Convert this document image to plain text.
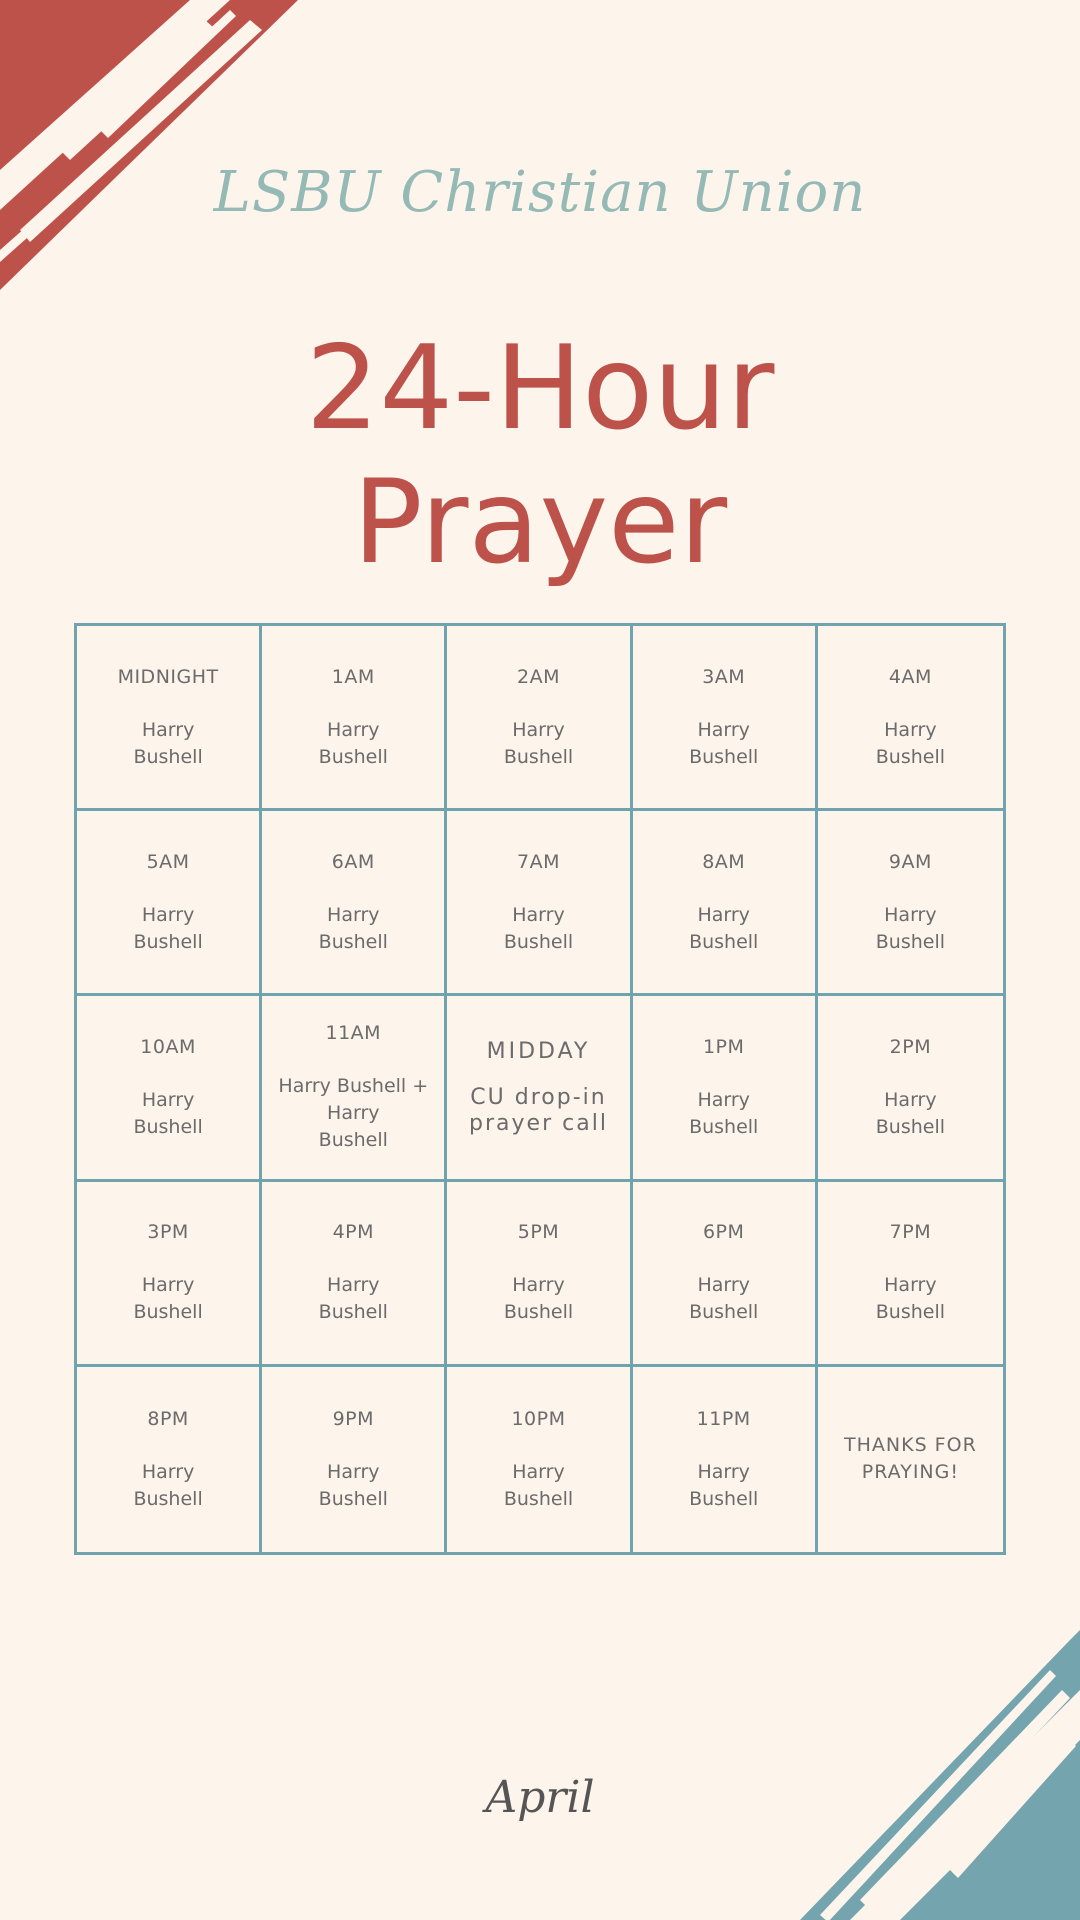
LSBU Christian Union
24-Hour
Prayer
MIDNIGHT
Harry
Bushell
1AM
Harry
Bushell
2AM
Harry
Bushell
3AM
Harry
Bushell
4AM
Harry
Bushell
5AM
Harry
Bushell
6AM
Harry
Bushell
7AM
Harry
Bushell
8AM
Harry
Bushell
9AM
Harry
Bushell
10AM
Harry
Bushell
11AM
Harry Bushell +
Harry
Bushell
MIDDAY
CU drop-in
prayer call
1PM
Harry
Bushell
2PM
Harry
Bushell
3PM
Harry
Bushell
4PM
Harry
Bushell
5PM
Harry
Bushell
6PM
Harry
Bushell
7PM
Harry
Bushell
8PM
Harry
Bushell
9PM
Harry
Bushell
10PM
Harry
Bushell
11PM
Harry
Bushell
THANKS FOR
PRAYING!
April
